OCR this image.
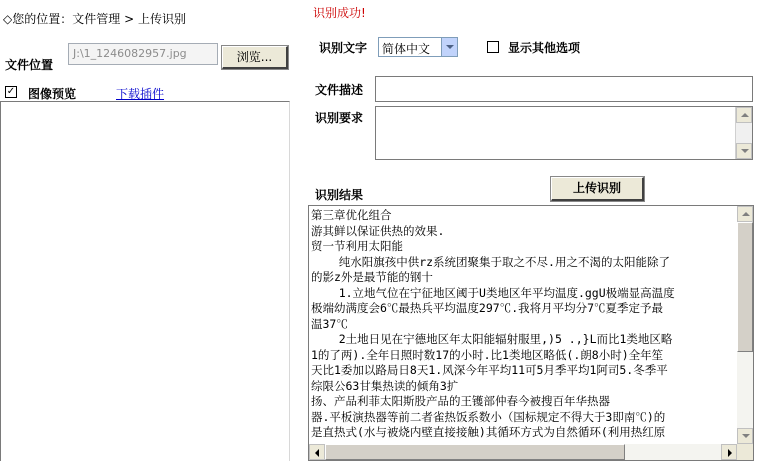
◇您的位置：文件管理 > 上传识别	识别成功!
文件位置
J:\1_1246082957.jpg	浏览...
✓ 图像预览	下载插件
识别文字 简体中文	显示其他选项
文件描述
识别要求
上传识别
识别结果
第三章优化组合
游其鲜以保证供热的效果.
贸一节利用太阳能
纯水阳旗孩中供rz系统团聚集于取之不尽.用之不渴的太阳能除了
的影z外是最节能的钢十
1.立地气位在宁征地区阈于U类地区年平均温度.ggU极端显高温度
极端幼满度会6℃最热兵平均温度297℃.我将月平均分7℃夏季定予最
温37℃
2土地日见在宁德地区年太阳能辐射服里,)5 .,}L而比1类地区略
1的了两).全年日照时数17的小时.比1类地区略低(.朗8小时)全年笙
天比1委加以路局日8天1.风深今年平均11可5月季平均1阿司5.冬季平
综限公63甘集热读的倾角3扩
扬、产品利菲太阳斯股产品的王镬部仲春今被搜百年华热器
器.平板演热器等前二者雀热饭系数小（国标规定不得大于3即南℃)的
是直热式(水与被烧内壁直接接触)其循环方式为自然循环(利用热红原
